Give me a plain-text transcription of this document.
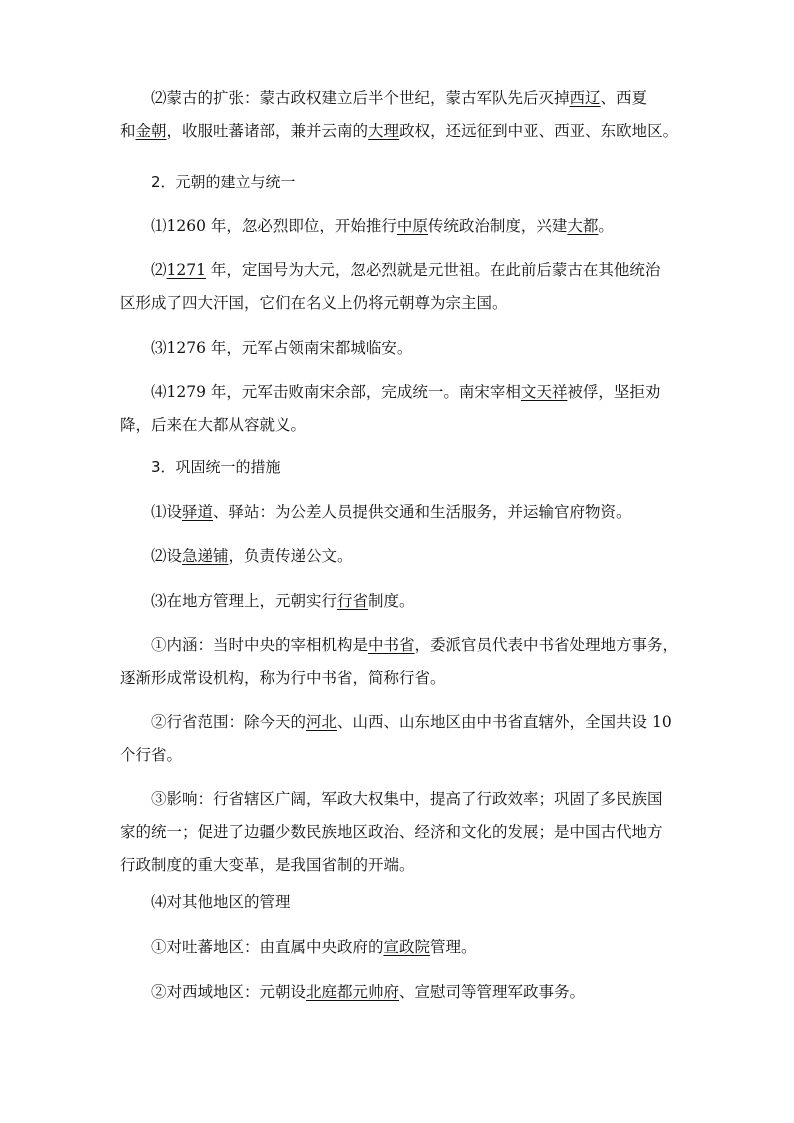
⑵蒙古的扩张：蒙古政权建立后半个世纪，蒙古军队先后灭掉西辽、西夏
和金朝，收服吐蕃诸部，兼并云南的大理政权，还远征到中亚、西亚、东欧地区。
2．元朝的建立与统一
⑴1260 年，忽必烈即位，开始推行中原传统政治制度，兴建大都。
⑵1271 年，定国号为大元，忽必烈就是元世祖。在此前后蒙古在其他统治
区形成了四大汗国，它们在名义上仍将元朝尊为宗主国。
⑶1276 年，元军占领南宋都城临安。
⑷1279 年，元军击败南宋余部，完成统一。南宋宰相文天祥被俘，坚拒劝
降，后来在大都从容就义。
3．巩固统一的措施
⑴设驿道、驿站：为公差人员提供交通和生活服务，并运输官府物资。
⑵设急递铺，负责传递公文。
⑶在地方管理上，元朝实行行省制度。
①内涵：当时中央的宰相机构是中书省，委派官员代表中书省处理地方事务，
逐渐形成常设机构，称为行中书省，简称行省。
②行省范围：除今天的河北、山西、山东地区由中书省直辖外，全国共设 10
个行省。
③影响：行省辖区广阔，军政大权集中，提高了行政效率；巩固了多民族国
家的统一；促进了边疆少数民族地区政治、经济和文化的发展；是中国古代地方
行政制度的重大变革，是我国省制的开端。
⑷对其他地区的管理
①对吐蕃地区：由直属中央政府的宣政院管理。
②对西域地区：元朝设北庭都元帅府、宣慰司等管理军政事务。
